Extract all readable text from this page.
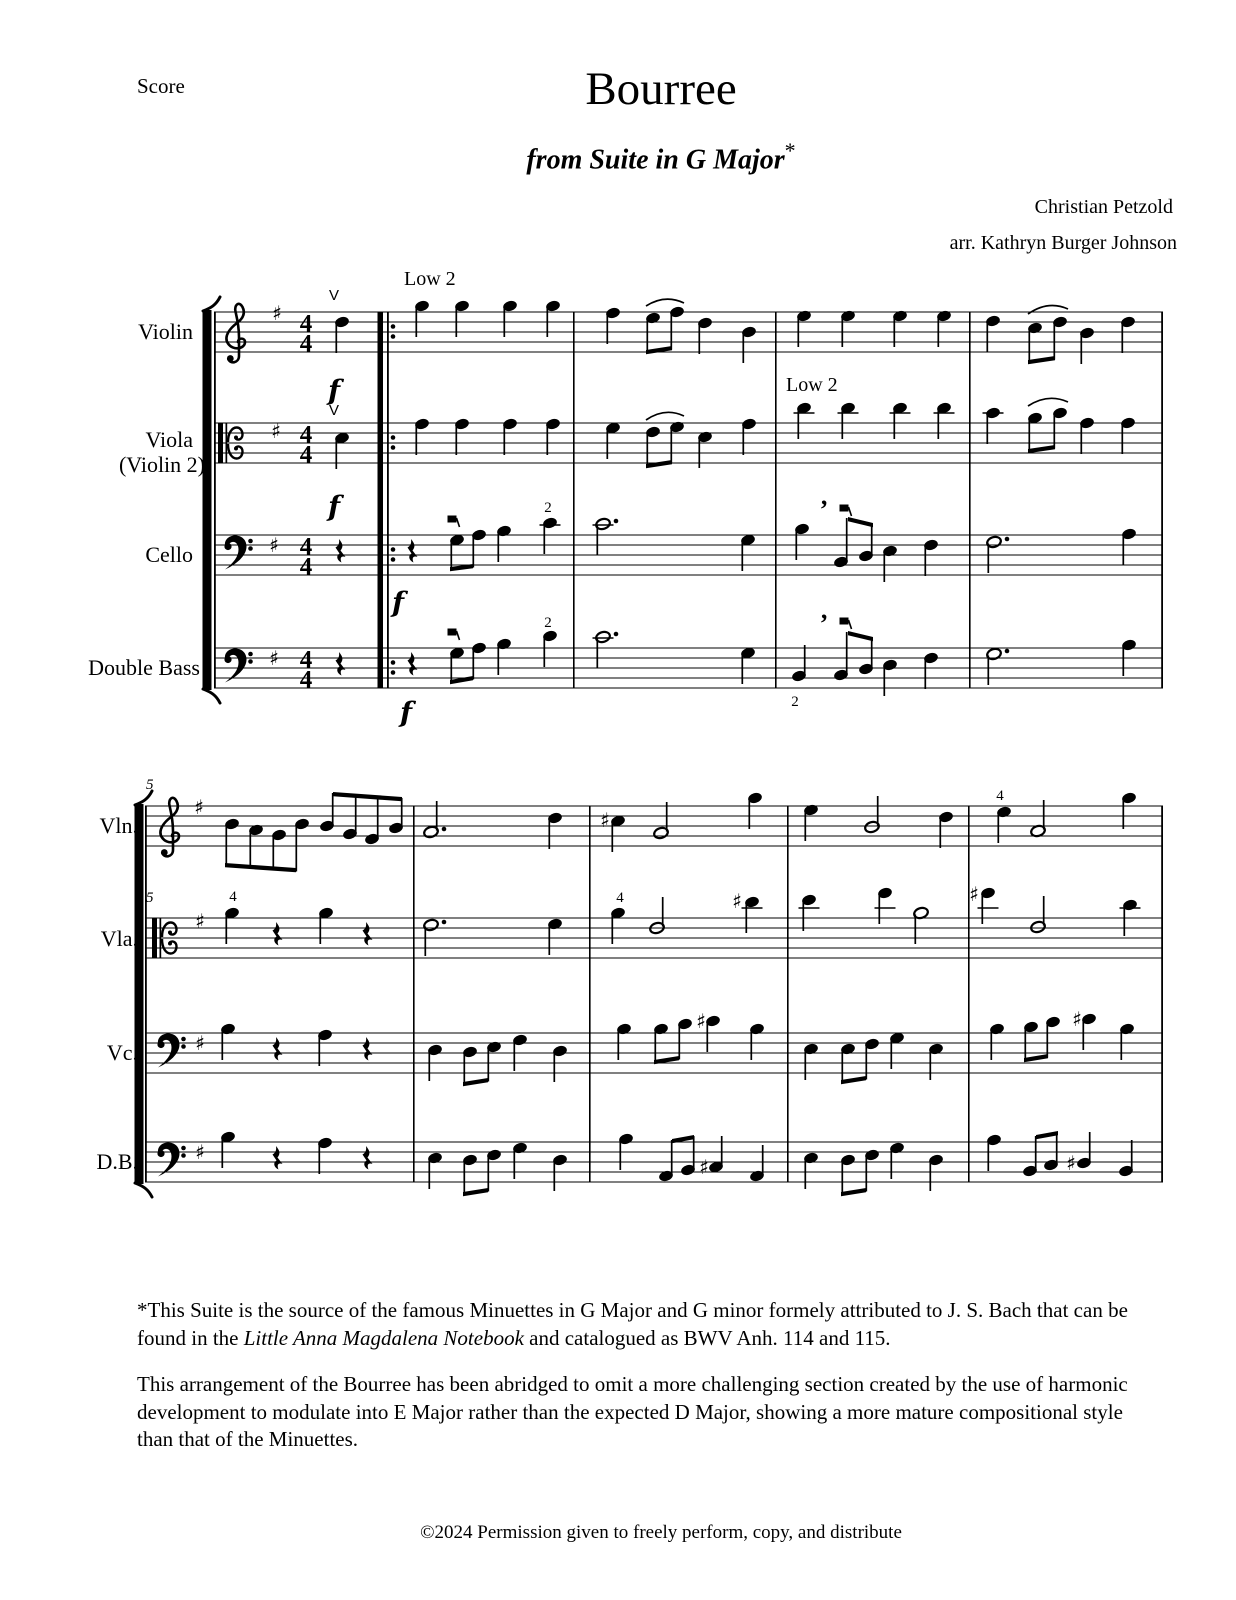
Score	Bourree
from Suite in G Major*
Christian Petzold
arr. Kathryn Burger Johnson
♯ 4
4
Violin
V
f
Low 2
♯ 4
4
Viola
(Violin 2)
V
f
Low 2
♯ 4
4
Cello
f
2	’
♯ 4
4
Double Bass
f
2
2
’
♯
Vln.
5
4
♯
♯
Vla.
5	4	4	♯	♯
♯
Vc.
♯	♯
♯
D.B.	♯	♯

*This Suite is the source of the famous Minuettes in G Major and G minor formely attributed to J. S. Bach that can be found in the Little Anna Magdalena Notebook and catalogued as BWV Anh. 114 and 115.

This arrangement of the Bourree has been abridged to omit a more challenging section created by the use of harmonic development to modulate into E Major rather than the expected D Major, showing a more mature compositional style than that of the Minuettes.

©2024 Permission given to freely perform, copy, and distribute
